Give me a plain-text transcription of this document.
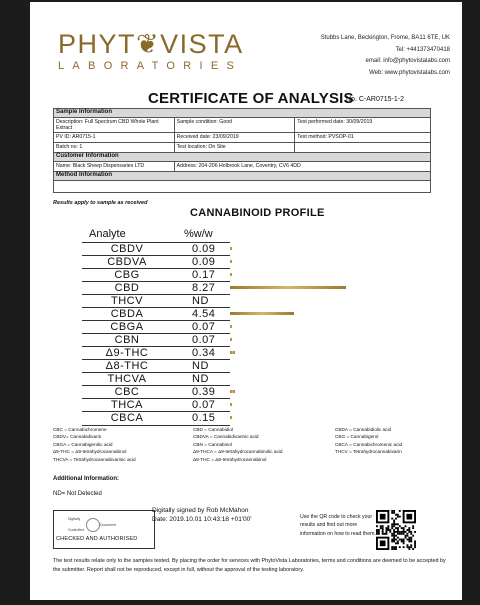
PHYT❦VISTA
LABORATORIES
Stubbs Lane, Beckington, Frome, BA11 6TE, UK
Tel: +441373470418
email: info@phytovistalabs.com
Web: www.phytovistalabs.com
CERTIFICATE OF ANALYSIS
No. C-AR0715-1-2
Sample Information		
Description: Full Spectrum CBD Whole Plant Extract	Sample condition: Good	Test performed date: 30/09/2019
PV ID: AR0715-1	Received date: 23/09/2019	Test method: PVSOP-01
Batch no: 1	Test location: On Site	
Customer Information		
Name: Black Sheep Dispensaries LTD	Address: 204-206 Holbrook Lane, Coventry, CV6 4DD	
Method Information		

Results apply to sample as received
CANNABINOID PROFILE
Analyte	%w/w
CBDV	0.09
CBDVA	0.09
CBG	0.17
CBD	8.27
THCV	ND
CBDA	4.54
CBGA	0.07
CBN	0.07
Δ9-THC	0.34
Δ8-THC	ND
THCVA	ND
CBC	0.39
THCA	0.07
CBCA	0.15
CBC = Cannabichromene
CBDV= Cannabidivarin
CBGA = Cannabigerolic acid
Δ9-THC = Δ9-tetrahydrocannabinol
THCVA = Tetrahydrocannabivarinic acid
CBD = Cannabidiol
CBDVA = Cannabidivarinic acid
CBN = Cannabinol
Δ9-THCA = Δ9-tetrahydrocannabinolic acid
Δ8-THC = Δ8-tetrahydrocannabinol
CBDA = Cannabidiolic acid
CBG = Cannabigerol
CBCA = Cannabichromenic acid
THCV = Tetrahydrocannabivarin
Additional Information:
ND= Not Detected
Digitally
Controlled
Document
CHECKED AND AUTHORISED
Digitally signed by Rob McMahon Date: 2019.10.01 10:43:18 +01'00'	Use the QR code to check your results and find out more information on how to read them.
The test results relate only to the samples tested. By placing the order for services with PhytoVista Laboratories, terms and conditions are deemed to be accepted by the submitter. Report shall not be reproduced, except in full, without the approval of the testing laboratory.
